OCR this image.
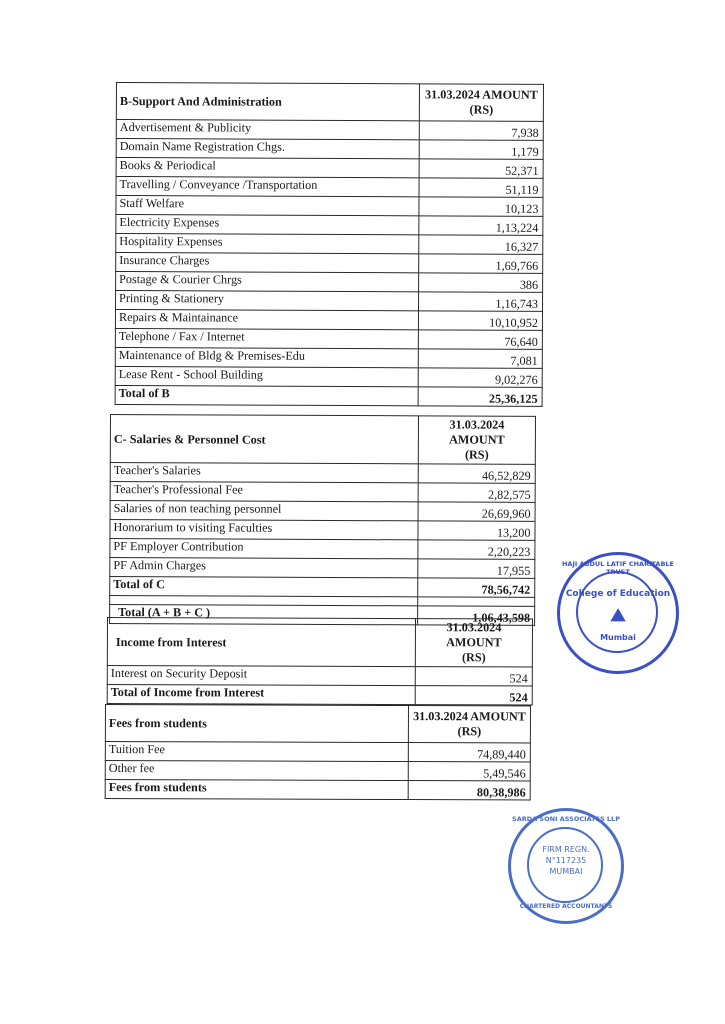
B-Support And Administration	31.03.2024 AMOUNT
(RS)
Advertisement & Publicity	7,938
Domain Name Registration Chgs.	1,179
Books & Periodical	52,371
Travelling / Conveyance /Transportation	51,119
Staff Welfare	10,123
Electricity Expenses	1,13,224
Hospitality Expenses	16,327
Insurance Charges	1,69,766
Postage & Courier Chrgs	386
Printing & Stationery	1,16,743
Repairs & Maintainance	10,10,952
Telephone / Fax / Internet	76,640
Maintenance of Bldg & Premises-Edu	7,081
Lease Rent - School Building	9,02,276
Total of B	25,36,125
C- Salaries & Personnel Cost	31.03.2024 AMOUNT
(RS)
Teacher's Salaries	46,52,829
Teacher's Professional Fee	2,82,575
Salaries of non teaching personnel	26,69,960
Honorarium to visiting Faculties	13,200
PF Employer Contribution	2,20,223
PF Admin Charges	17,955
Total of C	78,56,742

Total (A + B + C )	1,06,43,598
Income from Interest	31.03.2024 AMOUNT
(RS)
Interest on Security Deposit	524
Total of Income from Interest	524
Fees from students	31.03.2024 AMOUNT
(RS)
Tuition Fee	74,89,440
Other fee	5,49,546
Fees from students	80,38,986
HAJI ABDUL LATIF CHARITABLE TRUST
College of Education
⛰
Mumbai
SARDA SONI ASSOCIATES LLP
FIRM REGN.
N°117235
MUMBAI
CHARTERED ACCOUNTANTS
